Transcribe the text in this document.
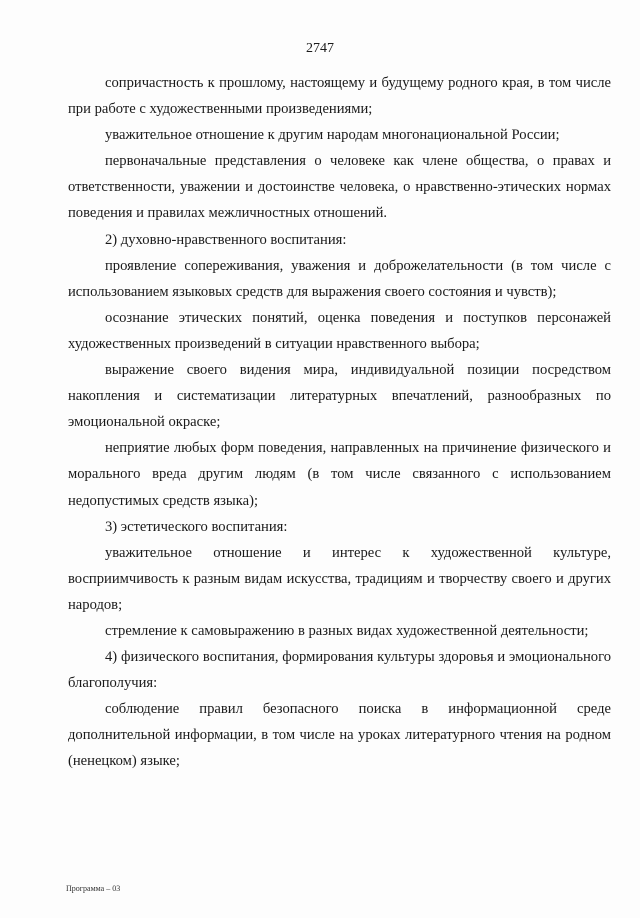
2747

сопричастность к прошлому, настоящему и будущему родного края, в том числе при работе с художественными произведениями;

уважительное отношение к другим народам многонациональной России;

первоначальные представления о человеке как члене общества, о правах и ответственности, уважении и достоинстве человека, о нравственно-этических нормах поведения и правилах межличностных отношений.

2) духовно-нравственного воспитания:

проявление сопереживания, уважения и доброжелательности (в том числе с использованием языковых средств для выражения своего состояния и чувств);

осознание этических понятий, оценка поведения и поступков персонажей художественных произведений в ситуации нравственного выбора;

выражение своего видения мира, индивидуальной позиции посредством накопления и систематизации литературных впечатлений, разнообразных по эмоциональной окраске;

неприятие любых форм поведения, направленных на причинение физического и морального вреда другим людям (в том числе связанного с использованием недопустимых средств языка);

3) эстетического воспитания:

уважительное отношение и интерес к художественной культуре, восприимчивость к разным видам искусства, традициям и творчеству своего и других народов;

стремление к самовыражению в разных видах художественной деятельности;

4) физического воспитания, формирования культуры здоровья и эмоционального благополучия:

соблюдение правил безопасного поиска в информационной среде дополнительной информации, в том числе на уроках литературного чтения на родном (ненецком) языке;

Программа – 03
